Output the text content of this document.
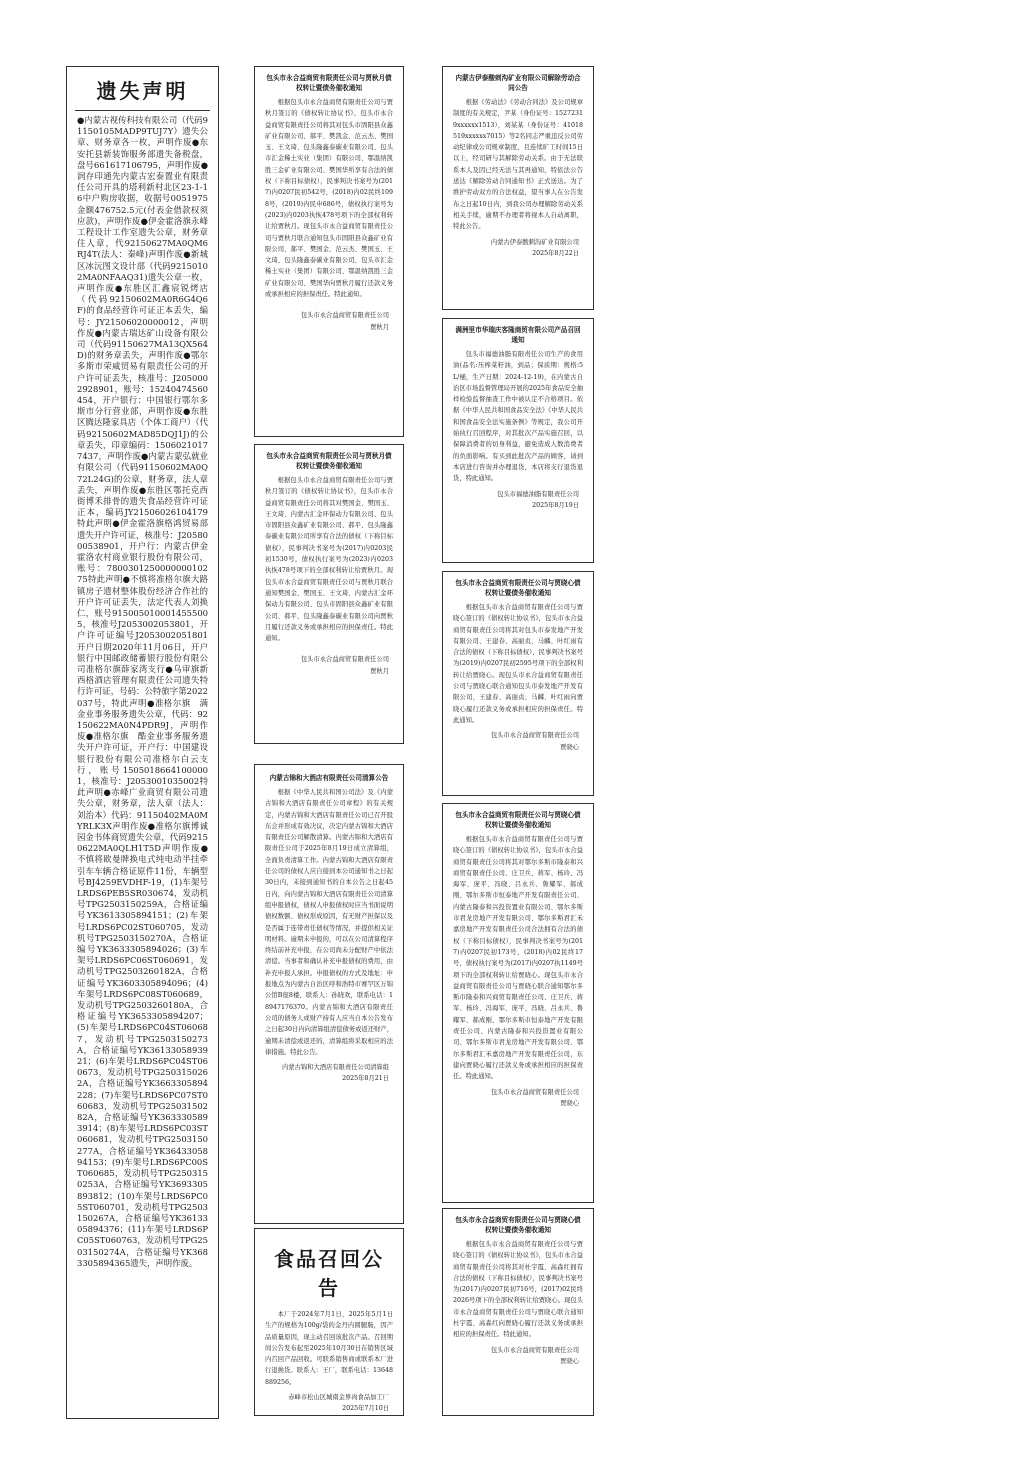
遗失声明
●内蒙古视传科技有限公司（代码91150105MADP9TUJ7Y）遗失公章、财务章各一枚，声明作废●东安托县新装饰服务部遗失备税盘，盘号661617106795，声明作废●润存印通先内蒙古宏泰置业有限责任公司开具的塔利新村北区23-1-16中户购房收据，收据号0051975金额476752.5元(付表金借款权须应款)，声明作废●伊金霍洛旗永峰工程设计工作室遗失公章，财务章住人章，代92150627MA0QM6RJ4T(法人：秦峰)声明作废●新城区冰沅图文设计部（代码92150102MA0NFAAQ31)遗失公章一枚，声明作废●东胜区汇鑫宸锐烤店（代码92150602MA0R6G4Q6F)的食品经营许可证正本丢失，编号：JY21506020000012，声明作废●内蒙古瑞达矿山设备有限公司（代码91150627MA13QX564D)的财务章丢失，声明作废●鄂尔多斯市荣威贸易有限责任公司的开户许可证丢失，核准号：J2050002928901，账号：15240474560454，开户银行：中国银行鄂尔多斯市分行营业部，声明作废●东胜区腾达隆家具店（个体工商户）（代码92150602MAD85DQJ1J)的公章丢失，印章编码：15060210177437，声明作废●内蒙古蒙弘就业有限公司（代码91150602MA0Q72L24G)的公章，财务章，法人章丢失，声明作废●东胜区鄂托克西街博禾排骨的遗失食品经营许可证正本，编码JY21506026104179特此声明●伊金霍洛旗格鸿贸易部遗失开户许可证，核准号：J2058000538901，开户行：内蒙古伊金霍洛农村商业银行股份有限公司，账号：780030125000000010275特此声明●不慎将准格尔旗大路镇房子遗材整体股份经济合作社的开户许可证丢失，法定代表人刘换仁，账号9150050100014555005，核准号J2053002053801，开户许可证编号J2053002051801开户日期2020年11月06日，开户银行中国邮政储蓄银行股份有限公司准格尔旗薛家湾支行●乌审旗新西格酒店管理有限责任公司遗失特行许可证，号码：公特旅字第2022037号，特此声明●准格尔旗　满金业事务服务遗失公章，代码：92150622MA0N4PDR9J，声明作废●准格尔旗　酷金业事务服务遗失开户许可证，开户行：中国建设银行股份有限公司准格尔白云支行，账号15050186641000001，核准号：J2053001035002特此声明●赤峰广业商贸有限公司遗失公章，财务章，法人章（法人：刘治本）代码：91150402MA0MYRLK3X声明作废●准格尔旗博诚园金书体商贸遗失公章，代码92150622MA0QLH1T5D声明作废●不慎将欧曼牌换电式纯电动半挂牵引车车辆合格证原件11份，车辆型号BJ4259EVDHF-19，(1)车架号LRDS6PEB5SR030674，发动机号TPG2503150259A，合格证编号YK3613305894151；(2)车架号LRDS6PC02ST060705，发动机号TPG2503150270A，合格证编号YK3633305894026；(3)车架号LRDS6PC06ST060691，发动机号TPG2503260182A，合格证编号YK3603305894096；(4)车架号LRDS6PC08ST060689，发动机号TPG2503260180A，合格证编号YK3653305894207；(5)车架号LRDS6PC04ST060687，发动机号TPG2503150273A，合格证编号YK3613305893921；(6)车架号LRDS6PC04ST060673，发动机号TPG2503150262A，合格证编号YK3663305894228；(7)车架号LRDS6PC07ST060683，发动机号TPG2503150282A，合格证编号YK3633305893914；(8)车架号LRDS6PC03ST060681，发动机号TPG2503150277A，合格证编号YK3643305894153；(9)车架号LRDS6PC00ST060685，发动机号TPG2503150253A，合格证编号YK3693305893812；(10)车架号LRDS6PC05ST060701，发动机号TPG2503150267A，合格证编号YK3613305894376；(11)车架号LRDS6PC05ST060763，发动机号TPG2503150274A，合格证编号YK3683305894365遗失，声明作废。
包头市永合益商贸有限责任公司与贾秋月债权转让暨债务催收通知
根据包头市永合益商贸有限责任公司与贾秋月签订的《债权转让协议书》，包头市永合益商贸有限责任公司将其对包头市固阳县众鑫矿业有限公司、郝平、樊凯金、范云杰、樊国玉、王文琦、包头隆鑫泰碳业有限公司、包头市汇金稀土实业（集团）有限公司、鄂温纳凯胜三金矿业有限公司、樊国华所享有合法的债权（下称目标债权），民事判决书案号为(2017)内0207民初542号，(2018)内02民终1098号，(2019)内民申686号，债权执行案号为(2023)内0203执恢478号项下的全部权利转让给贾秋月。现包头市永合益商贸有限责任公司与贾秋月联合通知包头市固阳县众鑫矿业有限公司、郝平、樊国金、范云杰、樊国玉、王文琦、包头隆鑫泰碳业有限公司、包头市汇金稀土实业（集团）有限公司、鄂温纳凯胜三金矿业有限公司、樊国华向贾秋月履行还款义务或承担相应的担保责任。特此通知。
包头市永合益商贸有限责任公司
贾秋月
包头市永合益商贸有限责任公司与贾秋月债权转让暨债务催收通知
根据包头市永合益商贸有限责任公司与贾秋月签订的《债权转让协议书》，包头市永合益商贸有限责任公司将其对樊国金、樊国玉、王文琦、内蒙古汇金环保动力有限公司、包头市固阳县众鑫矿业有限公司、郝平、包头隆鑫泰碳业有限公司所享有合法的债权（下称目标债权），民事判决书案号为(2017)内0203民初1530号，债权执行案号为(2023)内0203执恢478号项下的全部权利转让给贾秋月。现包头市永合益商贸有限责任公司与贾秋月联合通知樊国金、樊国玉、王文琦、内蒙古汇金环保动力有限公司、包头市固阳县众鑫矿业有限公司、郝平、包头隆鑫泰碳业有限公司向贾秋月履行还款义务或承担相应的担保责任。特此通知。
包头市永合益商贸有限责任公司
贾秋月
内蒙古锦和大酒店有限责任公司清算公告
根据《中华人民共和国公司法》及《内蒙古锦和大酒店有限责任公司章程》的有关规定，内蒙古锦和大酒店有限责任公司已召开股东会并形成有效决议，决定内蒙古锦和大酒店有限责任公司解散清算。内蒙古锦和大酒店有限责任公司于2025年8月19日成立清算组，全面负责清算工作。内蒙古锦和大酒店有限责任公司的债权人应自接到本公司通知书之日起30日内，未接到通知书的自本公告之日起45日内，向内蒙古锦和大酒店有限责任公司清算组申报债权，债权人申报债权时应当书面说明债权数额、债权形成原因，有无财产担保以及是否属于连带责任债权等情况，并提供相关证明材料。逾期未申报的，可以在公司清算程序终结前补充申报，在公司尚未分配财产中依法清偿。当事者和确认补充申报债权的费用，由补充申报人承担。申报债权的方式及地址：申报地点为内蒙古自治区呼和浩特市赛罕区万锦公馆B座8楼，联系人：孙晓欢，联系电话：18947176370。内蒙古锦和大酒店有限责任公司的债务人或财产持有人应当自本公告发布之日起30日内向清算组清偿债务或返还财产，逾期未清偿或返还的，清算组将采取相应的法律措施。特此公告。
内蒙古锦和大酒店有限责任公司清算组
2025年8月21日
食品召回公告
本厂于2024年7月1日，2025年5月1日生产的规格为100g/袋的金丹内圆腿肠，因产品质量原因，现主动召回该批次产品。召回期间公告发布起至2025年10月30日在销售区域内召回产品回收。可联系销售商或联系本厂进行退换货。联系人：王厂，联系电话：13648889256。
赤峰市松山区城南金界肉食品加工厂
2025年7月10日
内蒙古伊泰酸刺沟矿业有限公司解除劳动合同公告
根据《劳动法》《劳动合同法》及公司规章制度的有关规定，尹某（身份证号：15272319xxxxxx1513），刘某某（身份证号：41018519xxxxxx7015）等2名同志严重违反公司劳动纪律或公司规章制度，且连续旷工时间15日以上，经司研与其解除劳动关系。由于无法联系本人及因已经无法与其再通知，特依法公告送达《解除劳动合同通知书》正式送达。为了维护劳动双方的合法权益，望当事人在公告发布之日起10日内，到我公司办理解除劳动关系相关手续，逾期不办理者将视本人自动离职，特此公告。
内蒙古伊泰酸刺沟矿业有限公司
2025年8月22日
满洲里市华瑞庆客隆商贸有限公司产品召回通知
包头市福德油脂有限责任公司生产的食用油(品名:压榨菜籽油，到品；保质期：规格:5L/桶，生产日期：2024-12-19)，在内蒙古自治区市场监督管理局开展的2025年食品安全抽样检验监督抽查工作中被认定不合格项目。依据《中华人民共和国食品安全法》《中华人民共和国食品安全法实施条例》等规定，我公司开始执行召回程序，对其批次产品实施召回，以保障消费者的切身利益，避免造成人数消费者的负面影响。有买到此批次产品的顾客，请到本店进行咨询并办理退货，本店将支行退货退货，特此通知。
包头市福德油脂有限责任公司
2025年8月19日
包头市永合益商贸有限责任公司与贾晓心债权转让暨债务催收通知
根据包头市永合益商贸有限责任公司与贾晓心签订的《债权转让协议书》，包头市永合益商贸有限责任公司将其对包头市泰发地产开发有限公司、王建春、高丽贞、马麟、叶红雨有合法的债权（下称目标债权），民事判决书案号为(2019)内0207民初2595号项下的全部权利转让给贾晓心。现包头市永合益商贸有限责任公司与贾晓心联合通知包头市泰发地产开发有限公司、王建春、高丽贞、马麟、叶红雨向贾晓心履行还款义务或承担相应的担保责任。特此通知。
包头市永合益商贸有限责任公司
贾晓心
包头市永合益商贸有限责任公司与贾晓心债权转让暨债务催收通知
根据包头市永合益商贸有限责任公司与贾晓心签订的《债权转让协议书》，包头市永合益商贸有限责任公司将其对鄂尔多斯市隆泰和兴商贸有限责任公司、庄卫兵、蒋军、杨玲、冯海军、庞平、冯晓、吕永兵、鲁耀军、郝成刚、鄂尔多斯市恒泰地产开发有限责任公司、内蒙古隆泰和兴投资置业有限公司、鄂尔多斯市君龙房地产开发有限公司、鄂尔多斯君汇禾嘉房地产开发有限责任公司合法拥有合法的债权（下称目标债权），民事判决书案号为(2017)内0207民初173号，(2018)内02民终17号，债权执行案号为(2017)内0207执1149号项下的全部权利转让给贾晓心。现包头市永合益商贸有限责任公司与贾晓心联合通知鄂尔多斯市隆泰和兴商贸有限责任公司、庄卫兵、蒋军、杨玲、冯海军、庞平、冯晓、吕永兵、鲁耀军、郝成刚、鄂尔多斯市恒泰地产开发有限责任公司、内蒙古隆泰和兴投资置业有限公司、鄂尔多斯市君龙房地产开发有限公司、鄂尔多斯君汇禾嘉房地产开发有限责任公司，东建向贾晓心履行还款义务或承担相应的担保责任。特此通知。
包头市永合益商贸有限责任公司
贾晓心
包头市永合益商贸有限责任公司与贾晓心债权转让暨债务催收通知
根据包头市永合益商贸有限责任公司与贾晓心签订的《债权转让协议书》，包头市永合益商贸有限责任公司将其对杜宇霞、高森红拥有合法的债权（下称目标债权），民事判决书案号为(2017)内0207民初716号，(2017)02民终2026号项下的全部权利转让给贾晓心。现包头市永合益商贸有限责任公司与贾晓心联合通知杜宇霞、高森红向贾晓心履行还款义务或承担相应的担保责任。特此通知。
包头市永合益商贸有限责任公司
贾晓心
